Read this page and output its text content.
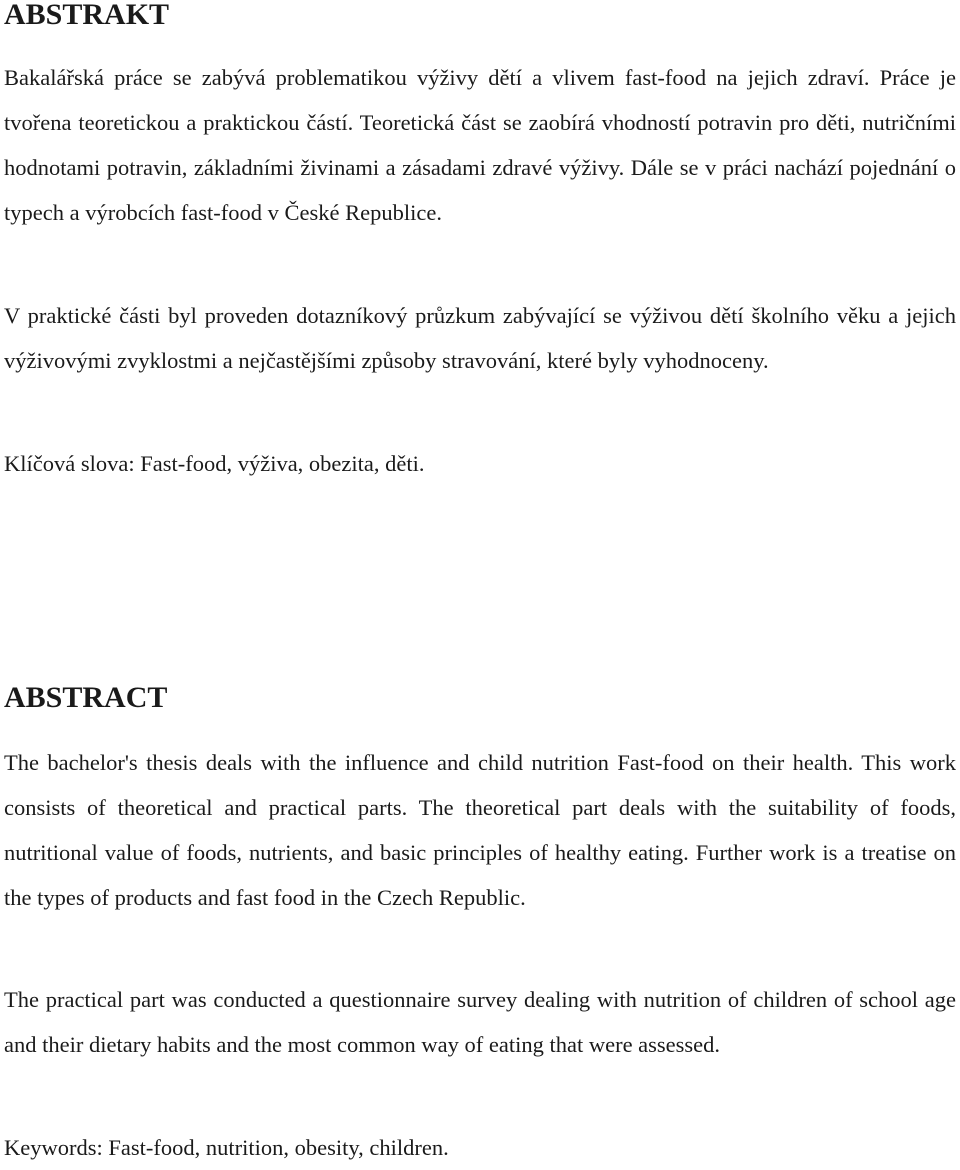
ABSTRAKT

Bakalářská práce se zabývá problematikou výživy dětí a vlivem fast-food na jejich zdraví. Práce je tvořena teoretickou a praktickou částí. Teoretická část se zaobírá vhodností potravin pro děti, nutričními hodnotami potravin, základními živinami a zásadami zdravé výživy. Dále se v práci nachází pojednání o typech a výrobcích fast-food v České Republice.

V praktické části byl proveden dotazníkový průzkum zabývající se výživou dětí školního věku a jejich výživovými zvyklostmi a nejčastějšími způsoby stravování, které byly vyhodnoceny.

Klíčová slova: Fast-food, výživa, obezita, děti.

ABSTRACT

The bachelor's thesis deals with the influence and child nutrition Fast-food on their health. This work consists of theoretical and practical parts. The theoretical part deals with the suitability of foods, nutritional value of foods, nutrients, and basic principles of healthy eating. Further work is a treatise on the types of products and fast food in the Czech Republic.

The practical part was conducted a questionnaire survey dealing with nutrition of children of school age and their dietary habits and the most common way of eating that were assessed.

Keywords: Fast-food, nutrition, obesity, children.
